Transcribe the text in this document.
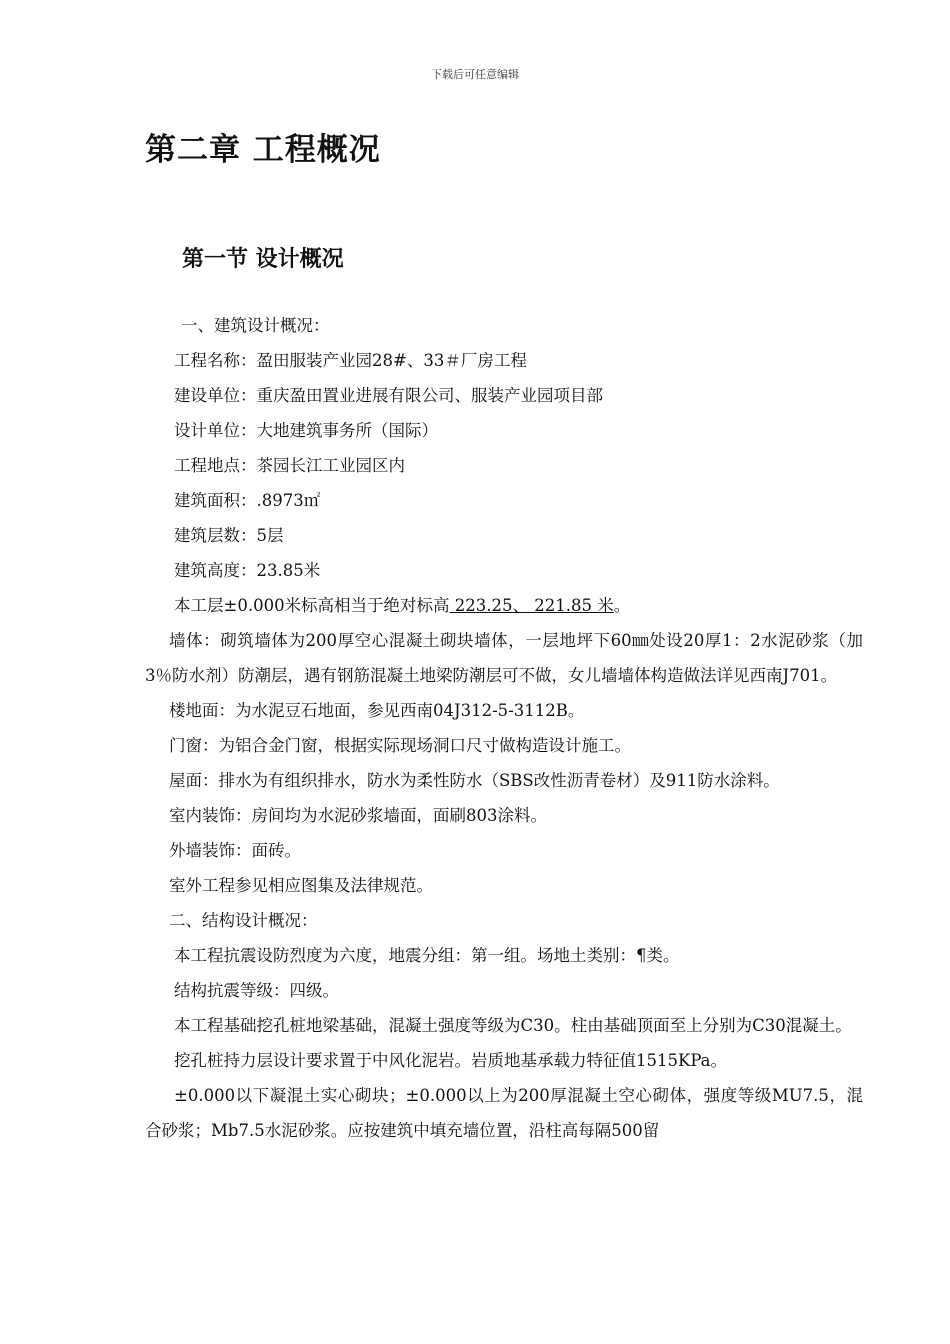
下载后可任意编辑
第二章 工程概况
第一节 设计概况
一、建筑设计概况：
工程名称：盈田服装产业园28#、33＃厂房工程
建设单位：重庆盈田置业进展有限公司、服装产业园项目部
设计单位：大地建筑事务所（国际）
工程地点：茶园长江工业园区内
建筑面积：.8973㎡
建筑层数：5层
建筑高度：23.85米
本工层±0.000米标高相当于绝对标高 223.25、 221.85 米。
墙体：砌筑墙体为200厚空心混凝土砌块墙体，一层地坪下60㎜处设20厚1：2水泥砂浆（加3％防水剂）防潮层，遇有钢筋混凝土地梁防潮层可不做，女儿墙墙体构造做法详见西南J701。
楼地面：为水泥豆石地面，参见西南04J312-5-3112B。
门窗：为铝合金门窗，根据实际现场洞口尺寸做构造设计施工。
屋面：排水为有组织排水，防水为柔性防水（SBS改性沥青卷材）及911防水涂料。
室内装饰：房间均为水泥砂浆墙面，面刷803涂料。
外墙装饰：面砖。
室外工程参见相应图集及法律规范。
二、结构设计概况：
本工程抗震设防烈度为六度，地震分组：第一组。场地土类别：¶类。
结构抗震等级：四级。
本工程基础挖孔桩地梁基础，混凝土强度等级为C30。柱由基础顶面至上分别为C30混凝土。
挖孔桩持力层设计要求置于中风化泥岩。岩质地基承载力特征值1515KPa。
±0.000以下凝混土实心砌块；±0.000以上为200厚混凝土空心砌体，强度等级MU7.5，混合砂浆；Mb7.5水泥砂浆。应按建筑中填充墙位置，沿柱高每隔500留
